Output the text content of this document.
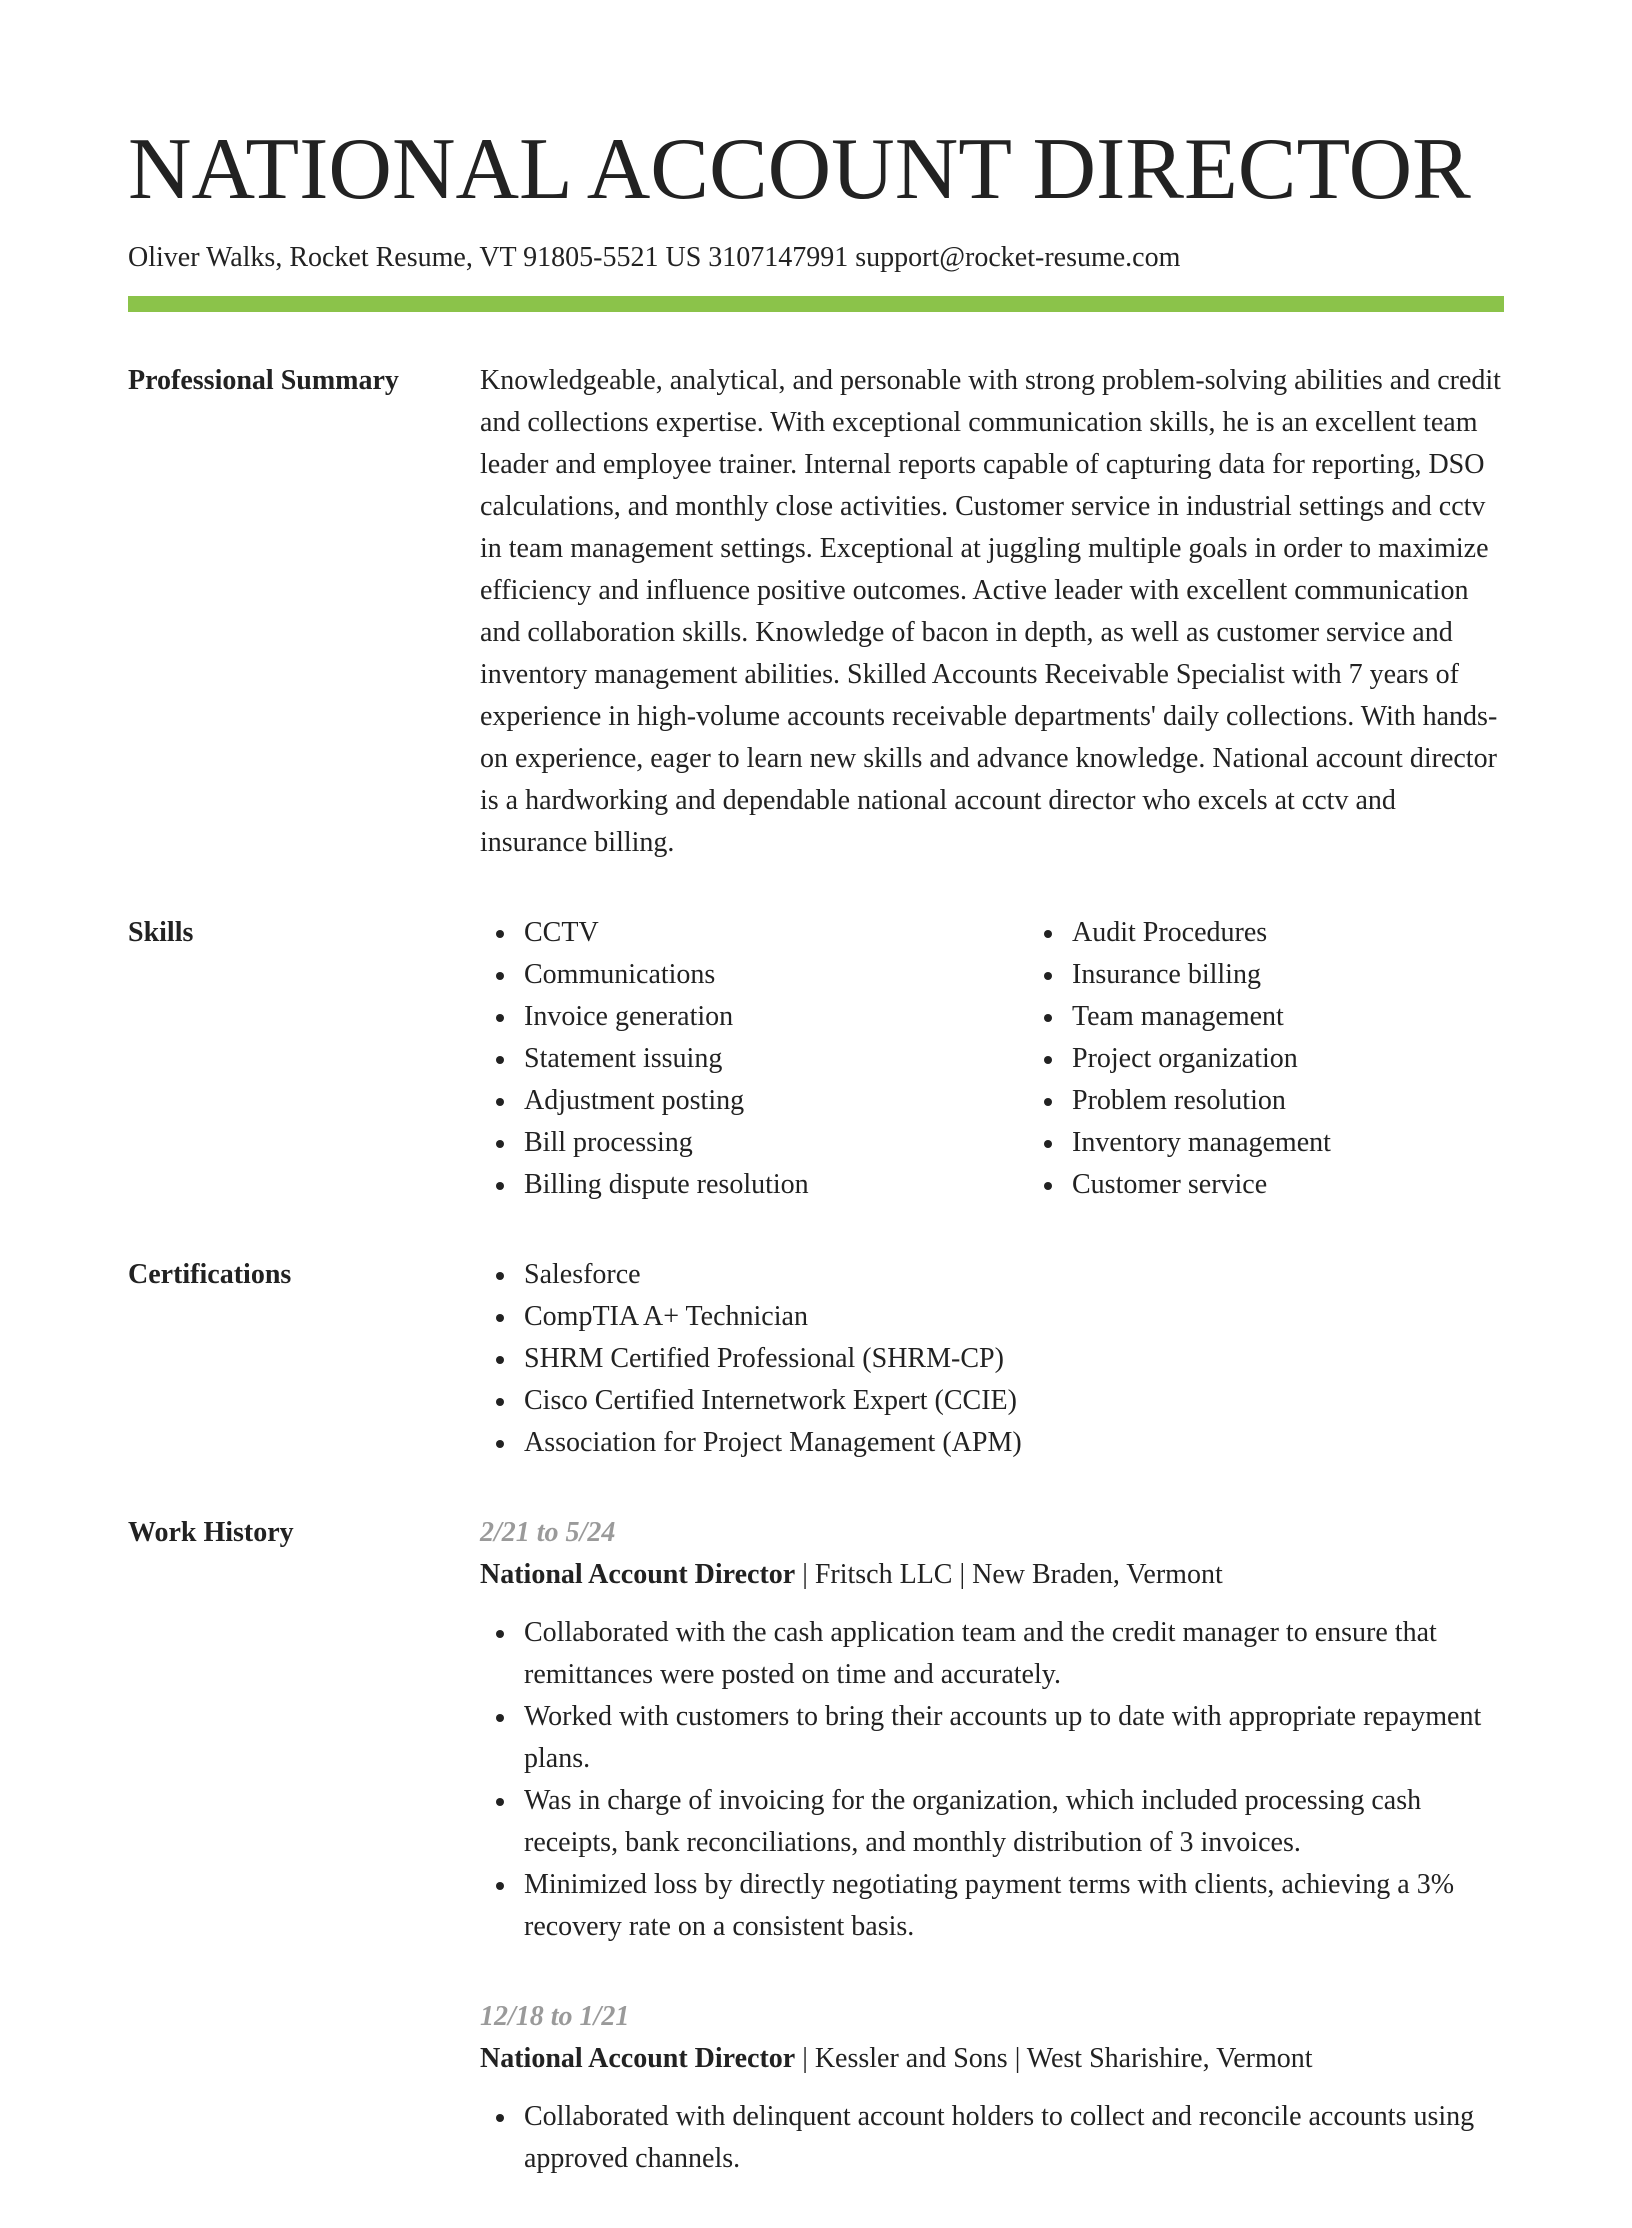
NATIONAL ACCOUNT DIRECTOR
Oliver Walks, Rocket Resume, VT 91805-5521 US 3107147991 support@rocket-resume.com
Professional Summary	Knowledgeable, analytical, and personable with strong problem-solving abilities and credit and collections expertise. With exceptional communication skills, he is an excellent team leader and employee trainer. Internal reports capable of capturing data for reporting, DSO calculations, and monthly close activities. Customer service in industrial settings and cctv in team management settings. Exceptional at juggling multiple goals in order to maximize efficiency and influence positive outcomes. Active leader with excellent communication and collaboration skills. Knowledge of bacon in depth, as well as customer service and inventory management abilities. Skilled Accounts Receivable Specialist with 7 years of experience in high-volume accounts receivable departments' daily collections. With hands-on experience, eager to learn new skills and advance knowledge. National account director is a hardworking and dependable national account director who excels at cctv and insurance billing.

Skills	CCTV
Communications
Invoice generation
Statement issuing
Adjustment posting
Bill processing
Billing dispute resolution
Audit Procedures
Insurance billing
Team management
Project organization
Problem resolution
Inventory management
Customer service
Certifications	Salesforce
CompTIA A+ Technician
SHRM Certified Professional (SHRM-CP)
Cisco Certified Internetwork Expert (CCIE)
Association for Project Management (APM)
Work History	2/21 to 5/24
National Account Director | Fritsch LLC | New Braden, Vermont
Collaborated with the cash application team and the credit manager to ensure that remittances were posted on time and accurately.
Worked with customers to bring their accounts up to date with appropriate repayment plans.
Was in charge of invoicing for the organization, which included processing cash receipts, bank reconciliations, and monthly distribution of 3 invoices.
Minimized loss by directly negotiating payment terms with clients, achieving a 3% recovery rate on a consistent basis.
12/18 to 1/21
National Account Director | Kessler and Sons | West Sharishire, Vermont
Collaborated with delinquent account holders to collect and reconcile accounts using approved channels.
